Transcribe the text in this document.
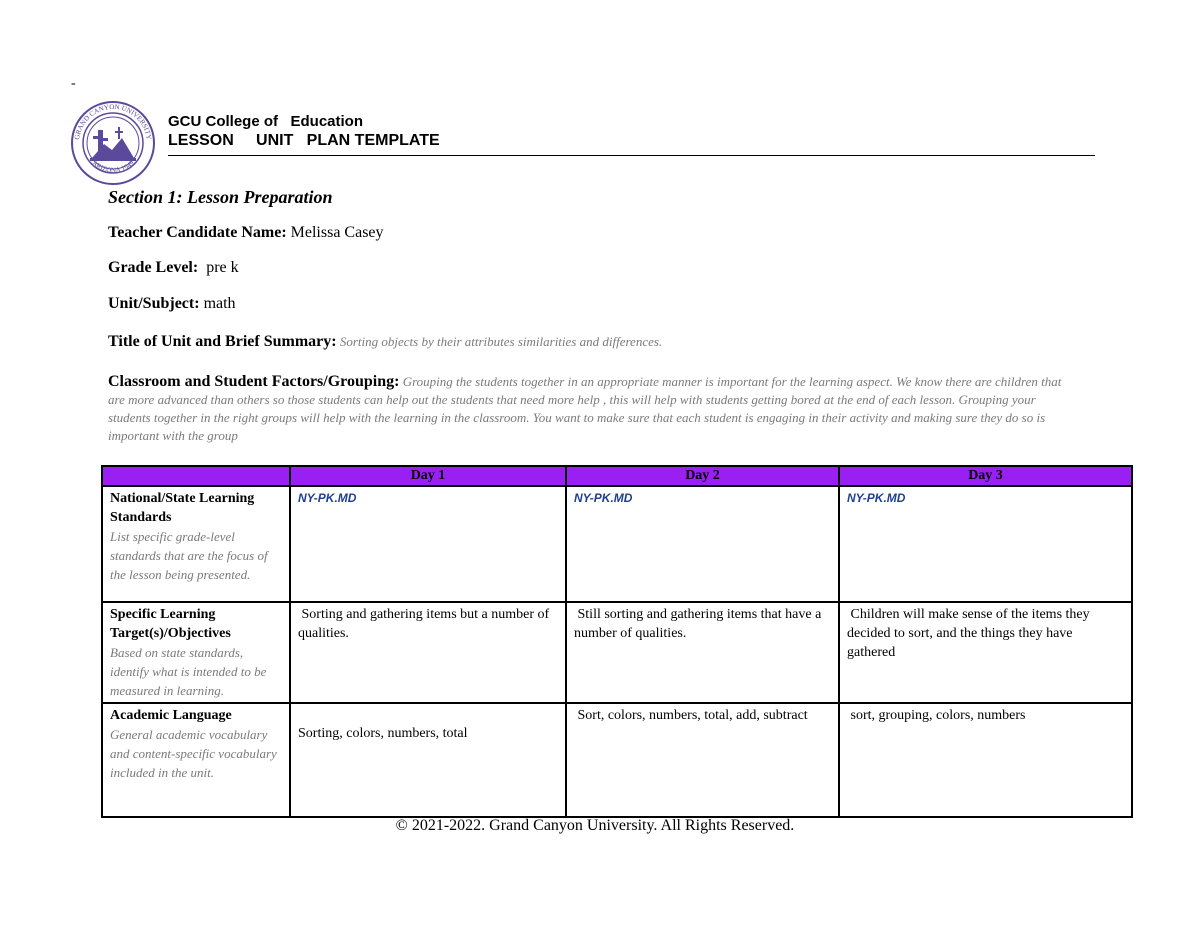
-
GRAND CANYON UNIVERSITY
ARIZONA 1949
GCU College of   Education
LESSON     UNIT   PLAN TEMPLATE
Section 1: Lesson Preparation
Teacher Candidate Name: Melissa Casey
Grade Level:  pre k
Unit/Subject: math
Title of Unit and Brief Summary: Sorting objects by their attributes similarities and differences.
Classroom and Student Factors/Grouping: Grouping the students together in an appropriate manner is important for the learning aspect. We know there are children that are more advanced than others so those students can help out the students that need more help , this will help with students getting bored at the end of each lesson. Grouping your students together in the right groups will help with the learning in the classroom. You want to make sure that each student is engaging in their activity and making sure they do so is important with the group
	Day 1	Day 2	Day 3

National/State Learning Standards
List specific grade-level standards that are the focus of the lesson being presented.	NY-PK.MD	NY-PK.MD	NY-PK.MD

Specific Learning Target(s)/Objectives
Based on state standards, identify what is intended to be measured in learning.	Sorting and gathering items but a number of qualities.	Still sorting and gathering items that have a number of qualities.	Children will make sense of the items they decided to sort, and the things they have gathered

Academic Language
General academic vocabulary and content-specific vocabulary included in the unit.	Sorting, colors, numbers, total	Sort, colors, numbers, total, add, subtract	sort, grouping, colors, numbers
© 2021-2022. Grand Canyon University. All Rights Reserved.
